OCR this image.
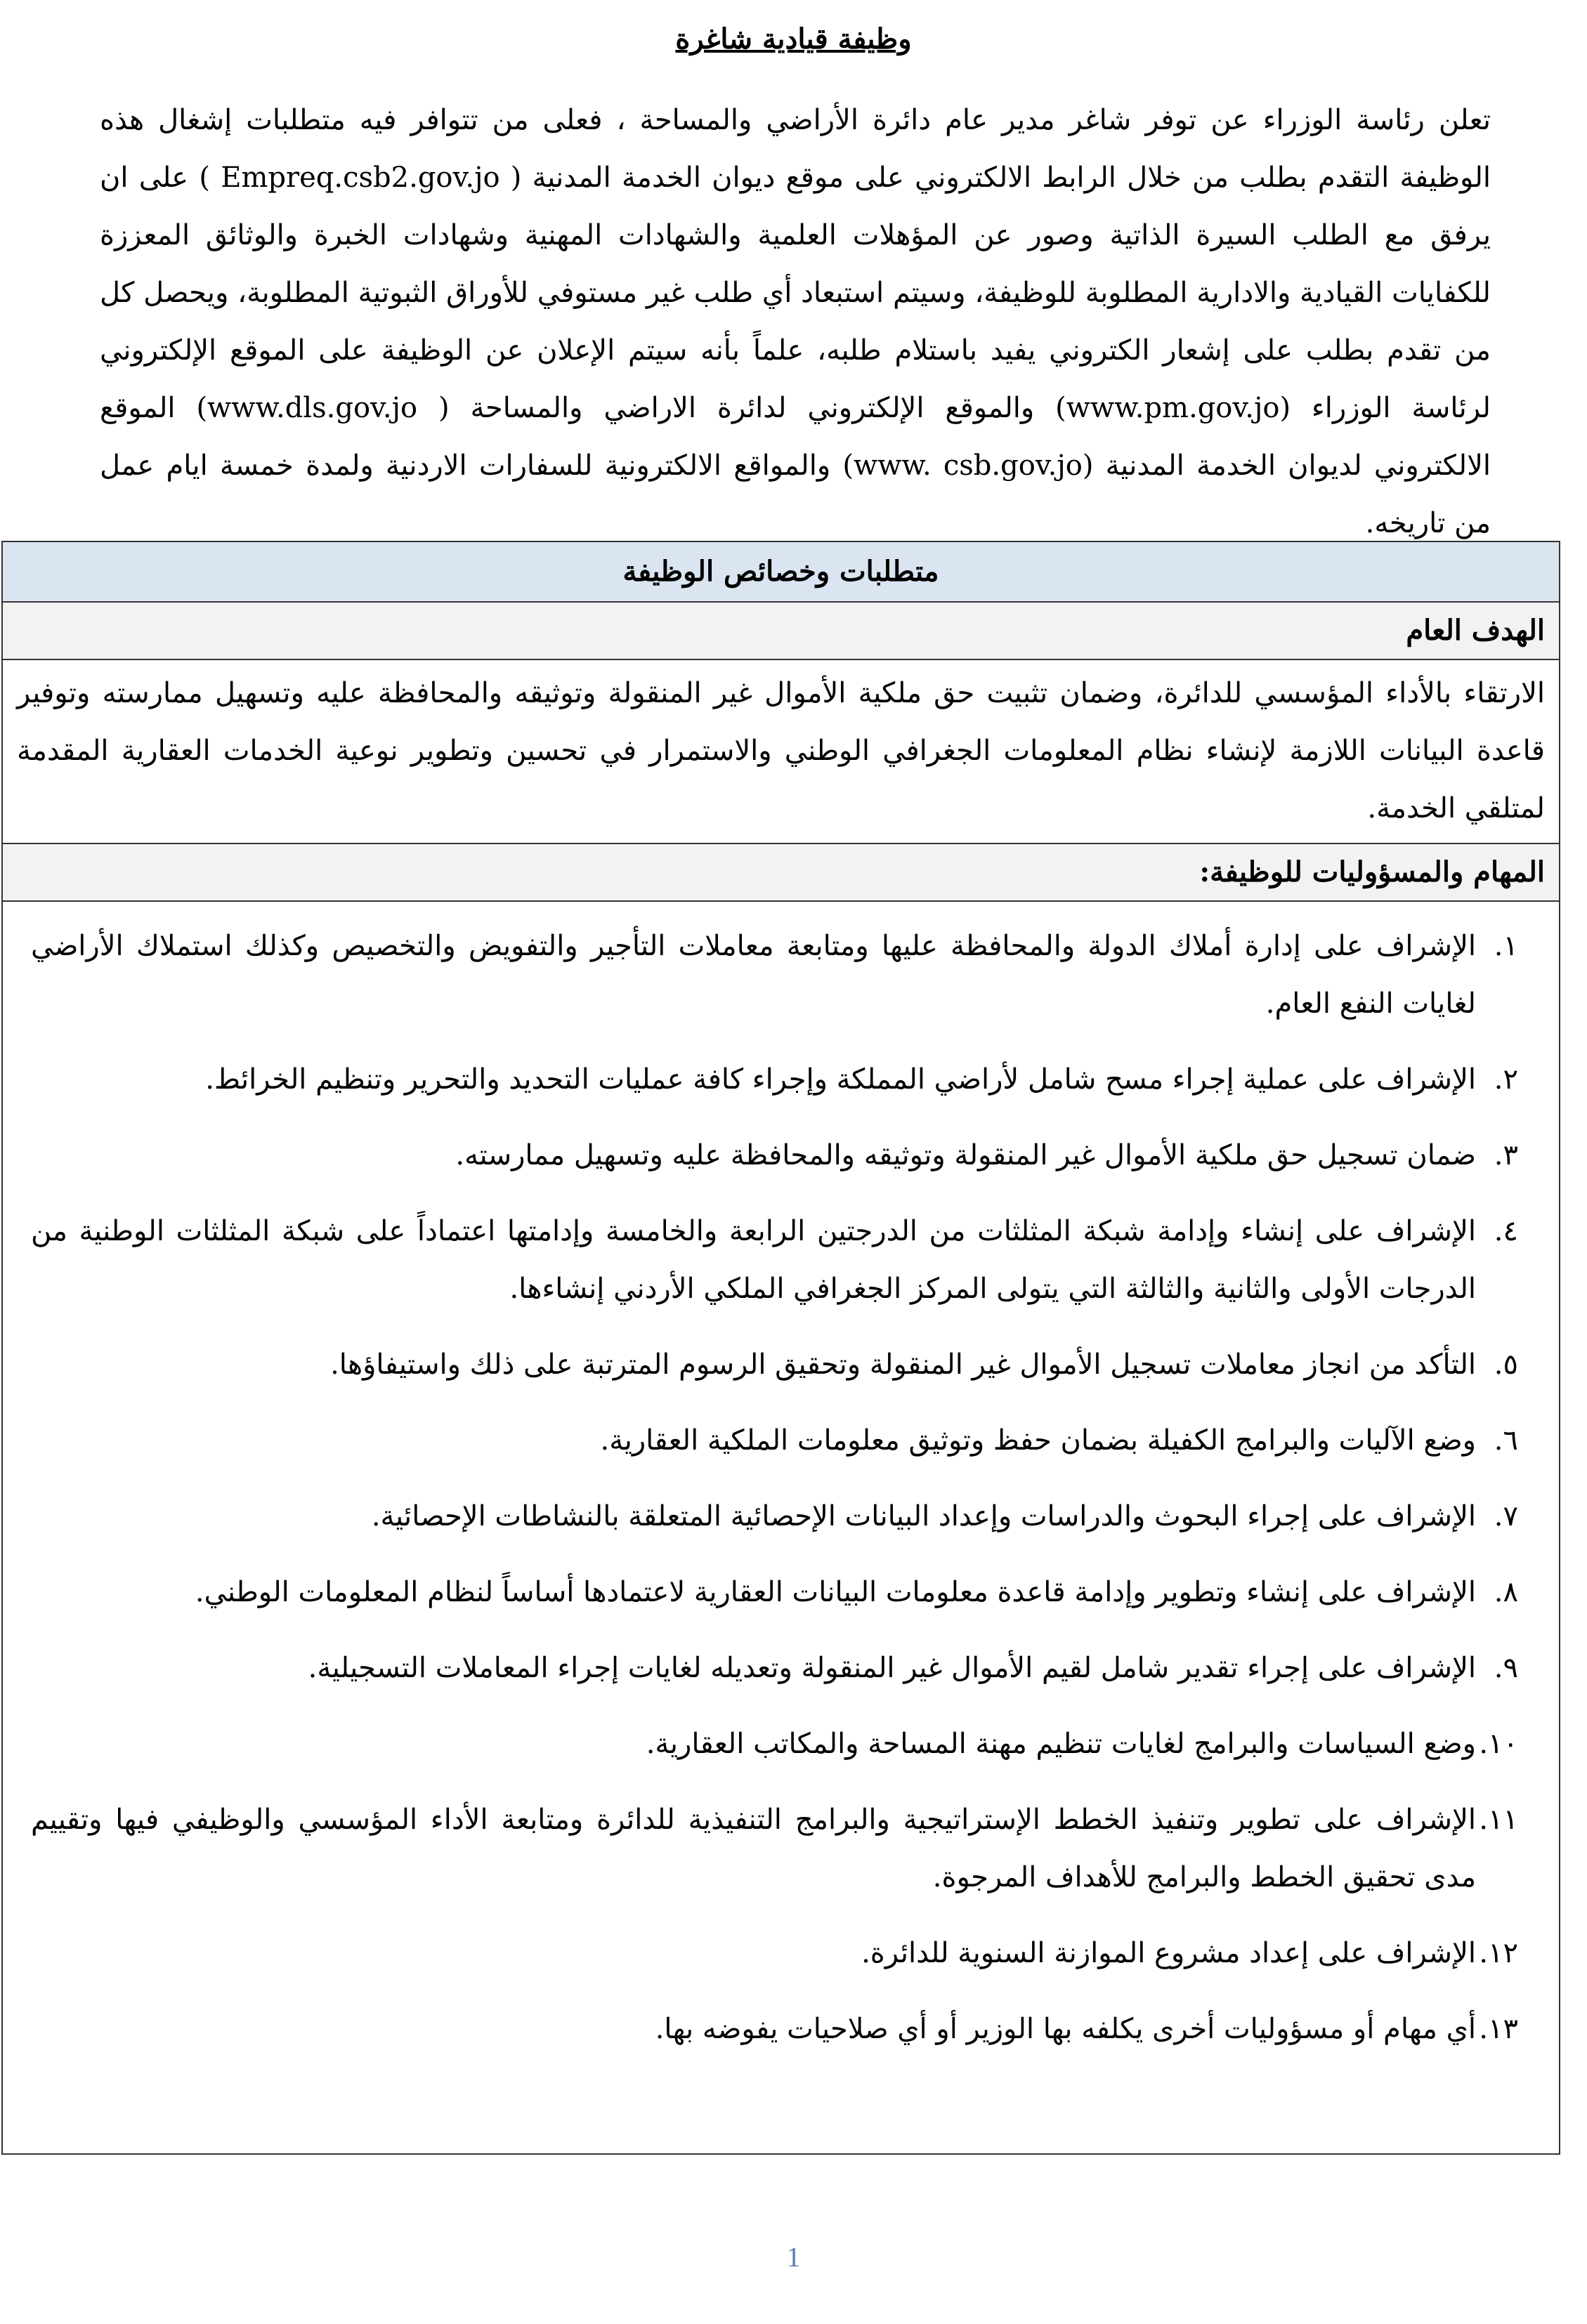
وظيفة قيادية شاغرة

تعلن رئاسة الوزراء عن توفر شاغر مدير عام دائرة الأراضي والمساحة ، فعلى من تتوافر فيه متطلبات إشغال هذه الوظيفة التقدم بطلب من خلال الرابط الالكتروني على موقع ديوان الخدمة المدنية ( Empreq.csb2.gov.jo ) على ان يرفق مع الطلب السيرة الذاتية وصور عن المؤهلات العلمية والشهادات المهنية وشهادات الخبرة والوثائق المعززة للكفايات القيادية والادارية المطلوبة للوظيفة، وسيتم استبعاد أي طلب غير مستوفي للأوراق الثبوتية المطلوبة، ويحصل كل من تقدم بطلب على إشعار الكتروني يفيد باستلام طلبه، علماً بأنه سيتم الإعلان عن الوظيفة على الموقع الإلكتروني لرئاسة الوزراء (www.pm.gov.jo) والموقع الإلكتروني لدائرة الاراضي والمساحة ( www.dls.gov.jo) الموقع الالكتروني لديوان الخدمة المدنية (www. csb.gov.jo) والمواقع الالكترونية للسفارات الاردنية ولمدة خمسة ايام عمل من تاريخه.

متطلبات وخصائص الوظيفة
الهدف العام
الارتقاء بالأداء المؤسسي للدائرة، وضمان تثبيت حق ملكية الأموال غير المنقولة وتوثيقه والمحافظة عليه وتسهيل ممارسته وتوفير قاعدة البيانات اللازمة لإنشاء نظام المعلومات الجغرافي الوطني والاستمرار في تحسين وتطوير نوعية الخدمات العقارية المقدمة لمتلقي الخدمة.
المهام والمسؤوليات للوظيفة:
١.
الإشراف على إدارة أملاك الدولة والمحافظة عليها ومتابعة معاملات التأجير والتفويض والتخصيص وكذلك استملاك الأراضي لغايات النفع العام.
٢.
الإشراف على عملية إجراء مسح شامل لأراضي المملكة وإجراء كافة عمليات التحديد والتحرير وتنظيم الخرائط.
٣.
ضمان تسجيل حق ملكية الأموال غير المنقولة وتوثيقه والمحافظة عليه وتسهيل ممارسته.
٤.
الإشراف على إنشاء وإدامة شبكة المثلثات من الدرجتين الرابعة والخامسة وإدامتها اعتماداً على شبكة المثلثات الوطنية من الدرجات الأولى والثانية والثالثة التي يتولى المركز الجغرافي الملكي الأردني إنشاءها.
٥.
التأكد من انجاز معاملات تسجيل الأموال غير المنقولة وتحقيق الرسوم المترتبة على ذلك واستيفاؤها.
٦.
وضع الآليات والبرامج الكفيلة بضمان حفظ وتوثيق معلومات الملكية العقارية.
٧.
الإشراف على إجراء البحوث والدراسات وإعداد البيانات الإحصائية المتعلقة بالنشاطات الإحصائية.
٨.
الإشراف على إنشاء وتطوير وإدامة قاعدة معلومات البيانات العقارية لاعتمادها أساساً لنظام المعلومات الوطني.
٩.
الإشراف على إجراء تقدير شامل لقيم الأموال غير المنقولة وتعديله لغايات إجراء المعاملات التسجيلية.
١٠.
وضع السياسات والبرامج لغايات تنظيم مهنة المساحة والمكاتب العقارية.
١١.
الإشراف على تطوير وتنفيذ الخطط الإستراتيجية والبرامج التنفيذية للدائرة ومتابعة الأداء المؤسسي والوظيفي فيها وتقييم مدى تحقيق الخطط والبرامج للأهداف المرجوة.
١٢.
الإشراف على إعداد مشروع الموازنة السنوية للدائرة.
١٣.
أي مهام أو مسؤوليات أخرى يكلفه بها الوزير أو أي صلاحيات يفوضه بها.
1
